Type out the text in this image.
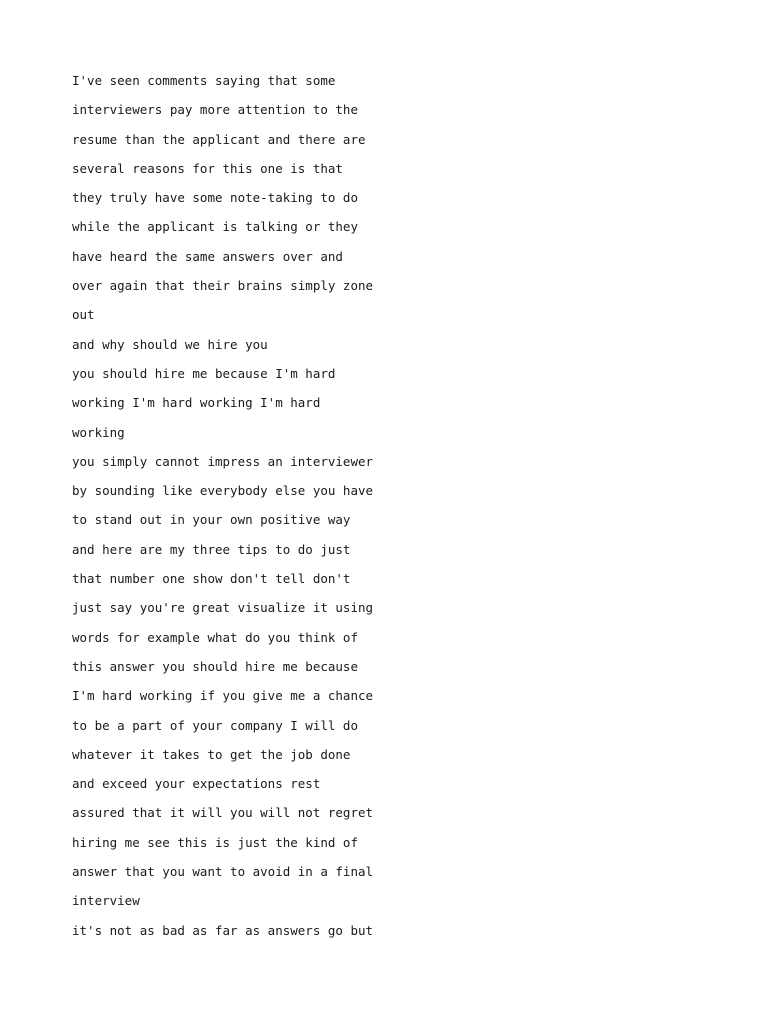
I've seen comments saying that some
interviewers pay more attention to the
resume than the applicant and there are
several reasons for this one is that
they truly have some note-taking to do
while the applicant is talking or they
have heard the same answers over and
over again that their brains simply zone
out
and why should we hire you
you should hire me because I'm hard
working I'm hard working I'm hard
working
you simply cannot impress an interviewer
by sounding like everybody else you have
to stand out in your own positive way
and here are my three tips to do just
that number one show don't tell don't
just say you're great visualize it using
words for example what do you think of
this answer you should hire me because
I'm hard working if you give me a chance
to be a part of your company I will do
whatever it takes to get the job done
and exceed your expectations rest
assured that it will you will not regret
hiring me see this is just the kind of
answer that you want to avoid in a final
interview
it's not as bad as far as answers go but
